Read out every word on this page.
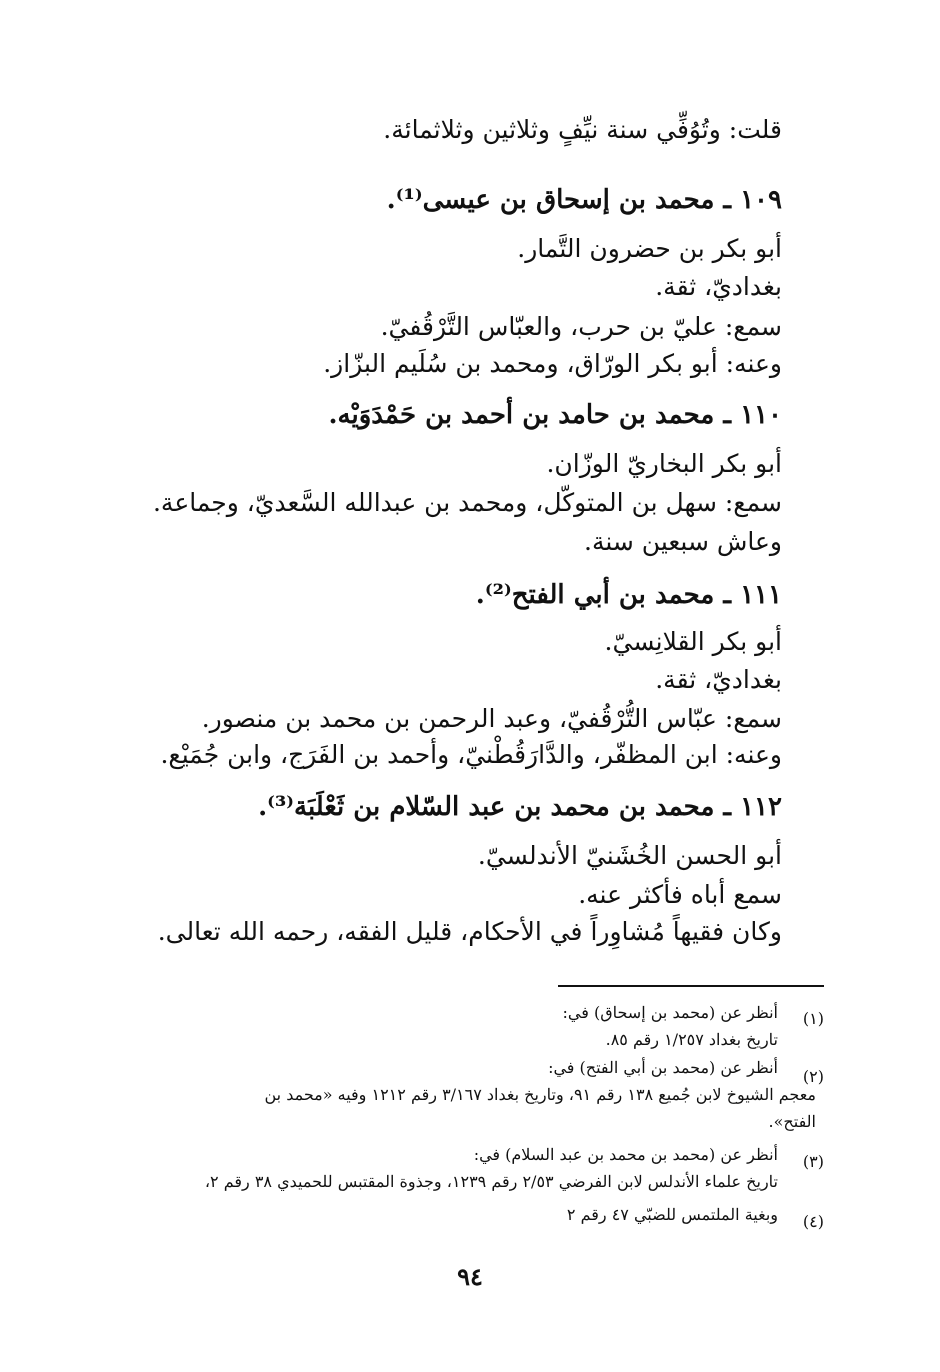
قلت: وتُوُفِّي سنة نيِّفٍ وثلاثين وثلاثمائة.
١٠٩ ـ محمد بن إسحاق بن عيسى⁽¹⁾.
أبو بكر بن حضرون التَّمار.
بغداديّ، ثقة.
سمع: عليّ بن حرب، والعبّاس التَّرْقُفيّ.
وعنه: أبو بكر الورّاق، ومحمد بن سُلَيم البزّاز.
١١٠ ـ محمد بن حامد بن أحمد بن حَمْدَوَيْه.
أبو بكر البخاريّ الوزّان.
سمع: سهل بن المتوكّل، ومحمد بن عبدالله السَّعديّ، وجماعة.
وعاش سبعين سنة.
١١١ ـ محمد بن أبي الفتح⁽²⁾.
أبو بكر القلانِسيّ.
بغداديّ، ثقة.
سمع: عبّاس التُّرْقُفيّ، وعبد الرحمن بن محمد بن منصور.
وعنه: ابن المظفّر، والدَّارَقُطْنيّ، وأحمد بن الفَرَج، وابن جُمَيْع.
١١٢ ـ محمد بن محمد بن عبد السّلام بن ثَعْلَبَة⁽³⁾.
أبو الحسن الخُشَنيّ الأندلسيّ.
سمع أباه فأكثر عنه.
وكان فقيهاً مُشاوِراً في الأحكام، قليل الفقه، رحمه الله تعالى.
(١)
أنظر عن (محمد بن إسحاق) في:
تاريخ بغداد ١/٢٥٧ رقم ٨٥.
(٢)
أنظر عن (محمد بن أبي الفتح) في:
معجم الشيوخ لابن جُميع ١٣٨ رقم ٩١، وتاريخ بغداد ٣/١٦٧ رقم ١٢١٢ وفيه «محمد بن
الفتح».
(٣)
أنظر عن (محمد بن محمد بن عبد السلام) في:
تاريخ علماء الأندلس لابن الفرضي ٢/٥٣ رقم ١٢٣٩، وجذوة المقتبس للحميدي ٣٨ رقم ٢،
(٤)
وبغية الملتمس للضبّي ٤٧ رقم ٢
٩٤
